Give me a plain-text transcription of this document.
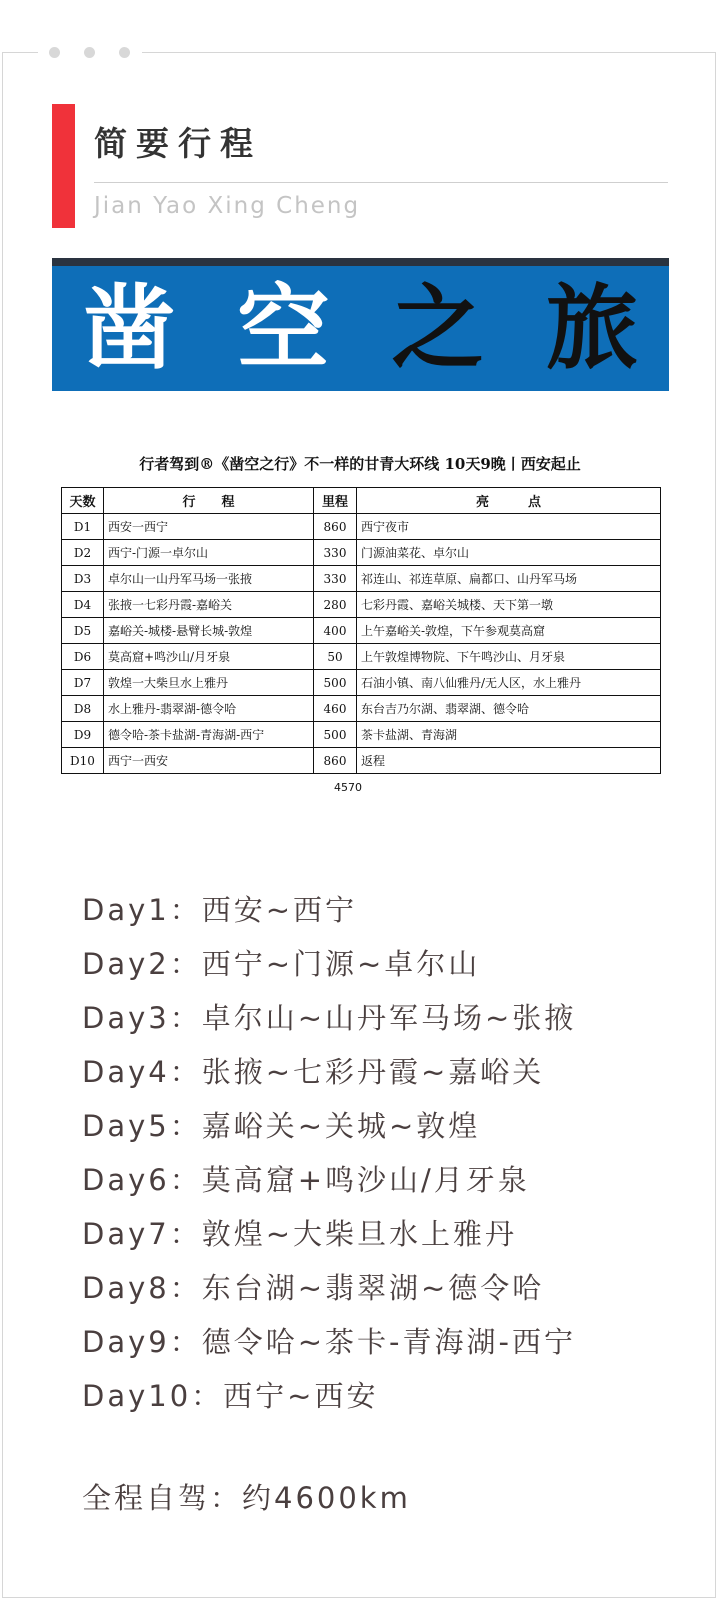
简要行程
Jian Yao Xing Cheng
凿 空 之 旅
行者驾到®《凿空之行》不一样的甘青大环线 10天9晚丨西安起止
天数	行　　程	里程	亮　　　点
D1	西安一西宁	860	西宁夜市
D2	西宁-门源一卓尔山	330	门源油菜花、卓尔山
D3	卓尔山一山丹军马场一张掖	330	祁连山、祁连草原、扁都口、山丹军马场
D4	张掖一七彩丹霞-嘉峪关	280	七彩丹霞、嘉峪关城楼、天下第一墩
D5	嘉峪关-城楼-悬臂长城-敦煌	400	上午嘉峪关-敦煌，下午参观莫高窟
D6	莫高窟+鸣沙山/月牙泉	50	上午敦煌博物院、下午鸣沙山、月牙泉
D7	敦煌一大柴旦水上雅丹	500	石油小镇、南八仙雅丹/无人区，水上雅丹
D8	水上雅丹-翡翠湖-德令哈	460	东台吉乃尔湖、翡翠湖、德令哈
D9	德令哈-茶卡盐湖-青海湖-西宁	500	茶卡盐湖、青海湖
D10	西宁一西安	860	返程
4570
Day1：西安~西宁
Day2：西宁~门源~卓尔山
Day3：卓尔山~山丹军马场~张掖
Day4：张掖~七彩丹霞~嘉峪关
Day5：嘉峪关~关城~敦煌
Day6：莫高窟+鸣沙山/月牙泉
Day7：敦煌~大柴旦水上雅丹
Day8：东台湖~翡翠湖~德令哈
Day9：德令哈~茶卡-青海湖-西宁
Day10：西宁~西安
全程自驾：约4600km
